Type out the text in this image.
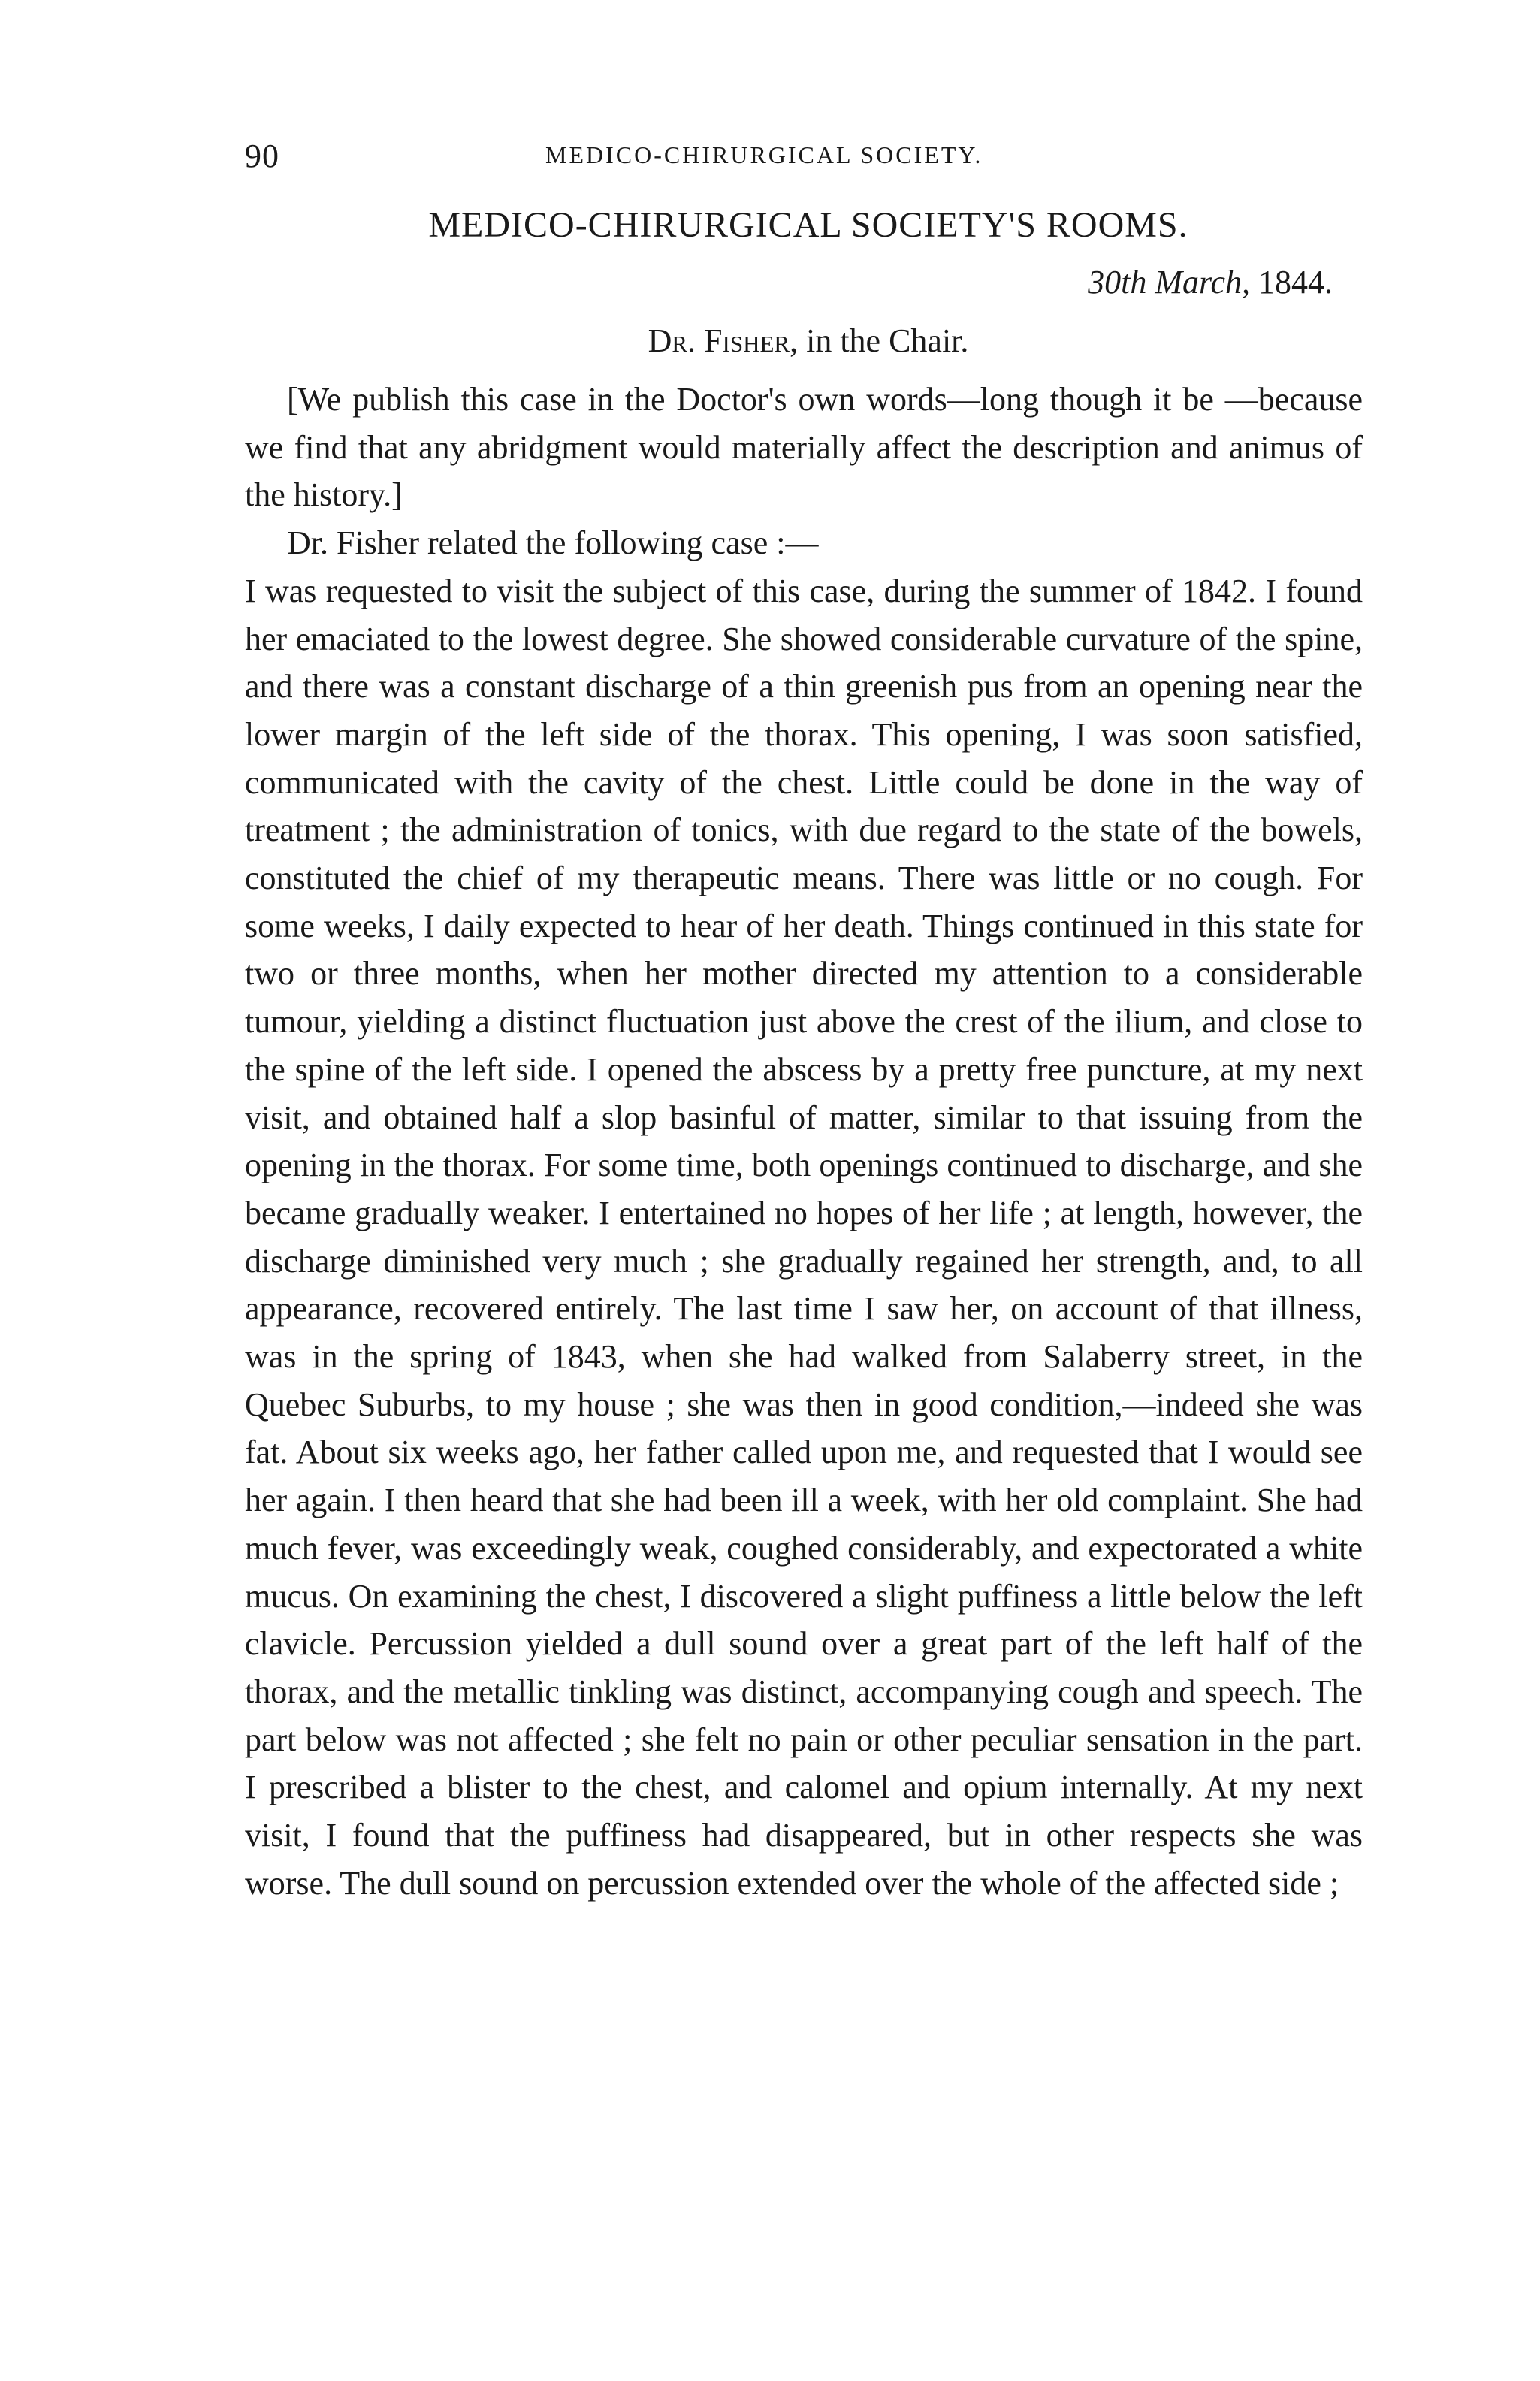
90	MEDICO-CHIRURGICAL SOCIETY.
MEDICO-CHIRURGICAL SOCIETY'S ROOMS.
30th March, 1844.
Dr. Fisher, in the Chair.

[We publish this case in the Doctor's own words—long though it be —because we find that any abridgment would materially affect the description and animus of the history.]

Dr. Fisher related the following case :—

I was requested to visit the subject of this case, during the summer of 1842. I found her emaciated to the lowest degree. She showed considerable curvature of the spine, and there was a constant discharge of a thin greenish pus from an opening near the lower margin of the left side of the thorax. This opening, I was soon satisfied, communicated with the cavity of the chest. Little could be done in the way of treatment ; the administration of tonics, with due regard to the state of the bowels, constituted the chief of my therapeutic means. There was little or no cough. For some weeks, I daily expected to hear of her death. Things continued in this state for two or three months, when her mother directed my attention to a considerable tumour, yielding a distinct fluctuation just above the crest of the ilium, and close to the spine of the left side. I opened the abscess by a pretty free puncture, at my next visit, and obtained half a slop basinful of matter, similar to that issuing from the opening in the thorax. For some time, both openings continued to discharge, and she became gradually weaker. I entertained no hopes of her life ; at length, however, the discharge diminished very much ; she gradually regained her strength, and, to all appearance, recovered entirely. The last time I saw her, on account of that illness, was in the spring of 1843, when she had walked from Salaberry street, in the Quebec Suburbs, to my house ; she was then in good condition,—indeed she was fat. About six weeks ago, her father called upon me, and requested that I would see her again. I then heard that she had been ill a week, with her old complaint. She had much fever, was exceedingly weak, coughed considerably, and expectorated a white mucus. On examining the chest, I discovered a slight puffiness a little below the left clavicle. Percussion yielded a dull sound over a great part of the left half of the thorax, and the metallic tinkling was distinct, accompanying cough and speech. The part below was not affected ; she felt no pain or other peculiar sensation in the part. I prescribed a blister to the chest, and calomel and opium internally. At my next visit, I found that the puffiness had disappeared, but in other respects she was worse. The dull sound on percussion extended over the whole of the affected side ;
